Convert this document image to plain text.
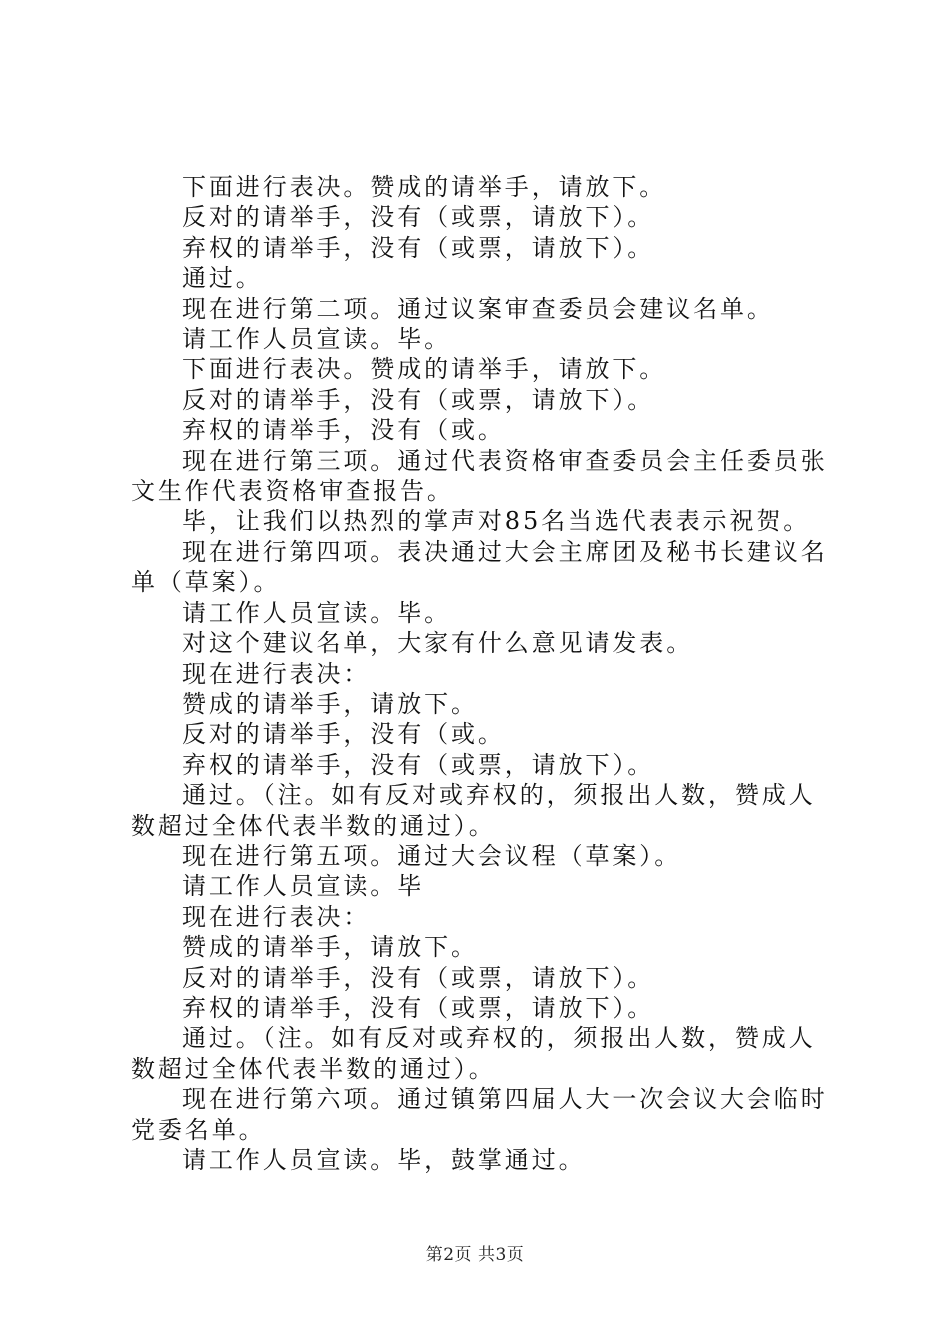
下面进行表决。赞成的请举手，请放下。

反对的请举手，没有（或票，请放下）。

弃权的请举手，没有（或票，请放下）。

通过。

现在进行第二项。通过议案审查委员会建议名单。

请工作人员宣读。毕。

下面进行表决。赞成的请举手，请放下。

反对的请举手，没有（或票，请放下）。

弃权的请举手，没有（或。

现在进行第三项。通过代表资格审查委员会主任委员张文生作代表资格审查报告。

毕，让我们以热烈的掌声对85名当选代表表示祝贺。

现在进行第四项。表决通过大会主席团及秘书长建议名单（草案）。

请工作人员宣读。毕。

对这个建议名单，大家有什么意见请发表。

现在进行表决：

赞成的请举手，请放下。

反对的请举手，没有（或。

弃权的请举手，没有（或票，请放下）。

通过。（注。如有反对或弃权的，须报出人数，赞成人数超过全体代表半数的通过）。

现在进行第五项。通过大会议程（草案）。

请工作人员宣读。毕

现在进行表决：

赞成的请举手，请放下。

反对的请举手，没有（或票，请放下）。

弃权的请举手，没有（或票，请放下）。

通过。（注。如有反对或弃权的，须报出人数，赞成人数超过全体代表半数的通过）。

现在进行第六项。通过镇第四届人大一次会议大会临时党委名单。

请工作人员宣读。毕，鼓掌通过。

第2页 共3页
